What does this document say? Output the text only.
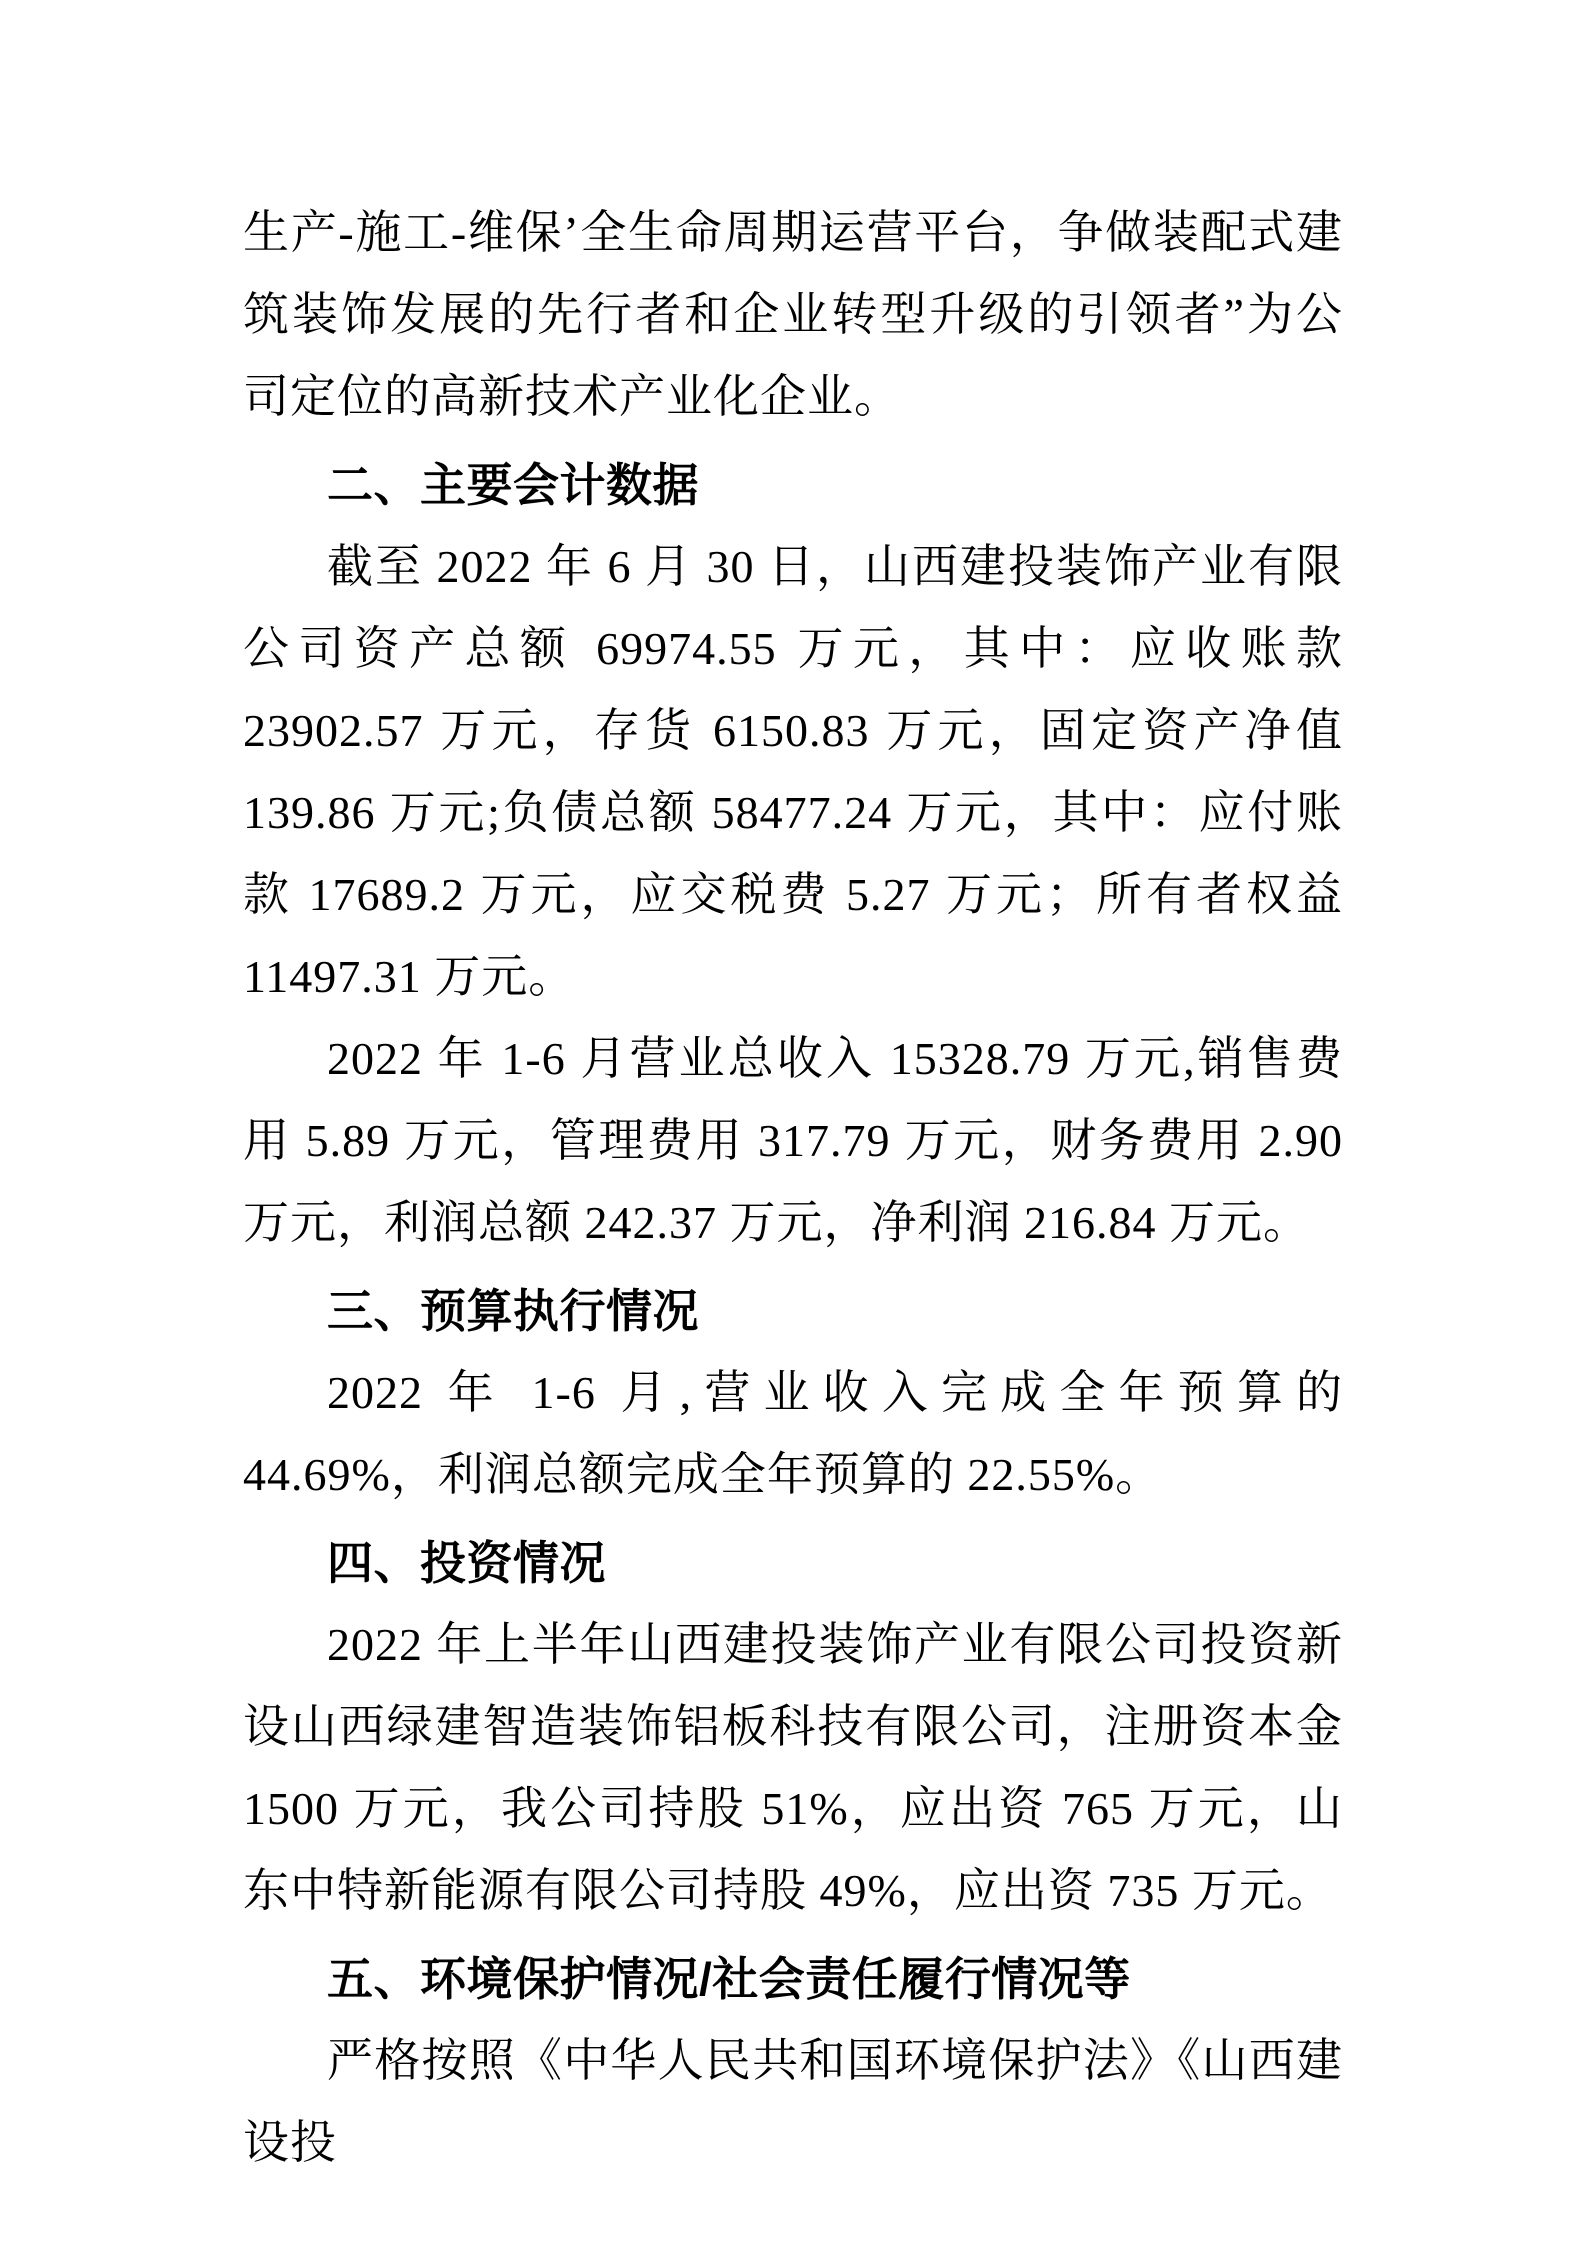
生产-施工-维保’全生命周期运营平台，争做装配式建筑装饰发展的先行者和企业转型升级的引领者”为公司定位的高新技术产业化企业。

二、主要会计数据

截至 2022 年 6 月 30 日，山西建投装饰产业有限公司资产总额 69974.55 万元，其中：应收账款 23902.57 万元，存货 6150.83 万元，固定资产净值 139.86 万元;负债总额 58477.24 万元，其中：应付账款 17689.2 万元，应交税费 5.27 万元；所有者权益 11497.31 万元。

2022 年 1-6 月营业总收入 15328.79 万元,销售费用 5.89 万元，管理费用 317.79 万元，财务费用 2.90 万元，利润总额 242.37 万元，净利润 216.84 万元。

三、预算执行情况

2022 年 1-6 月,营业收入完成全年预算的 44.69%，利润总额完成全年预算的 22.55%。

四、投资情况

2022 年上半年山西建投装饰产业有限公司投资新设山西绿建智造装饰铝板科技有限公司，注册资本金 1500 万元，我公司持股 51%，应出资 765 万元，山东中特新能源有限公司持股 49%，应出资 735 万元。

五、环境保护情况/社会责任履行情况等

严格按照《中华人民共和国环境保护法》《山西建设投
